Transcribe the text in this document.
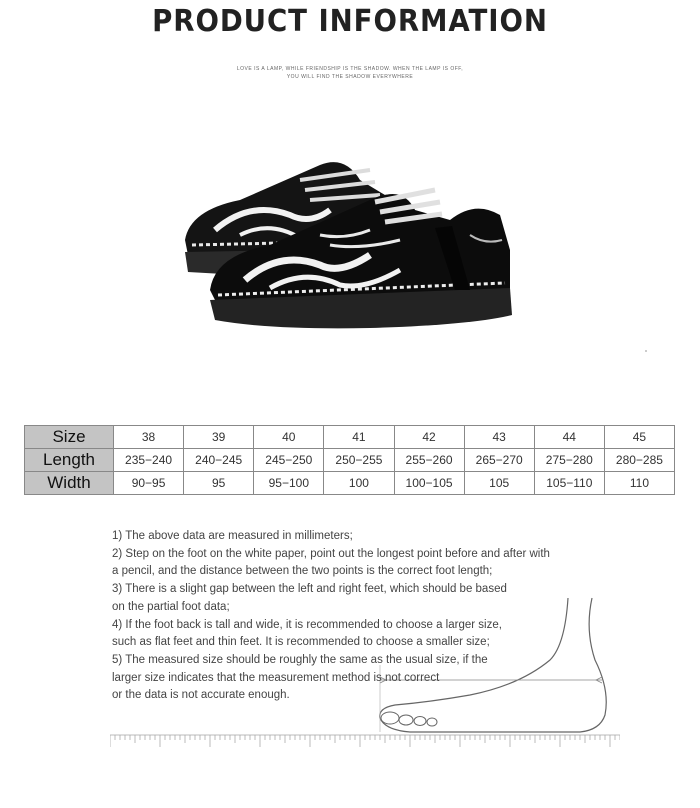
PRODUCT INFORMATION
LOVE IS A LAMP, WHILE FRIENDSHIP IS THE SHADOW. WHEN THE LAMP IS OFF,
YOU WILL FIND THE SHADOW EVERYWHERE
Size	38	39	40	41	42	43	44	45
Length	235−240	240−245	245−250	250−255	255−260	265−270	275−280	280−285
Width	90−95	95	95−100	100	100−105	105	105−110	110
1) The above data are measured in millimeters;
2) Step on the foot on the white paper, point out the longest point before and after with
a pencil, and the distance between the two points is the correct foot length;
3) There is a slight gap between the left and right feet, which should be based
on the partial foot data;
4) If the foot back is tall and wide, it is recommended to choose a larger size,
such as flat feet and thin feet. It is recommended to choose a smaller size;
5) The measured size should be roughly the same as the usual size, if the
larger size indicates that the measurement method is not correct
or the data is not accurate enough.
